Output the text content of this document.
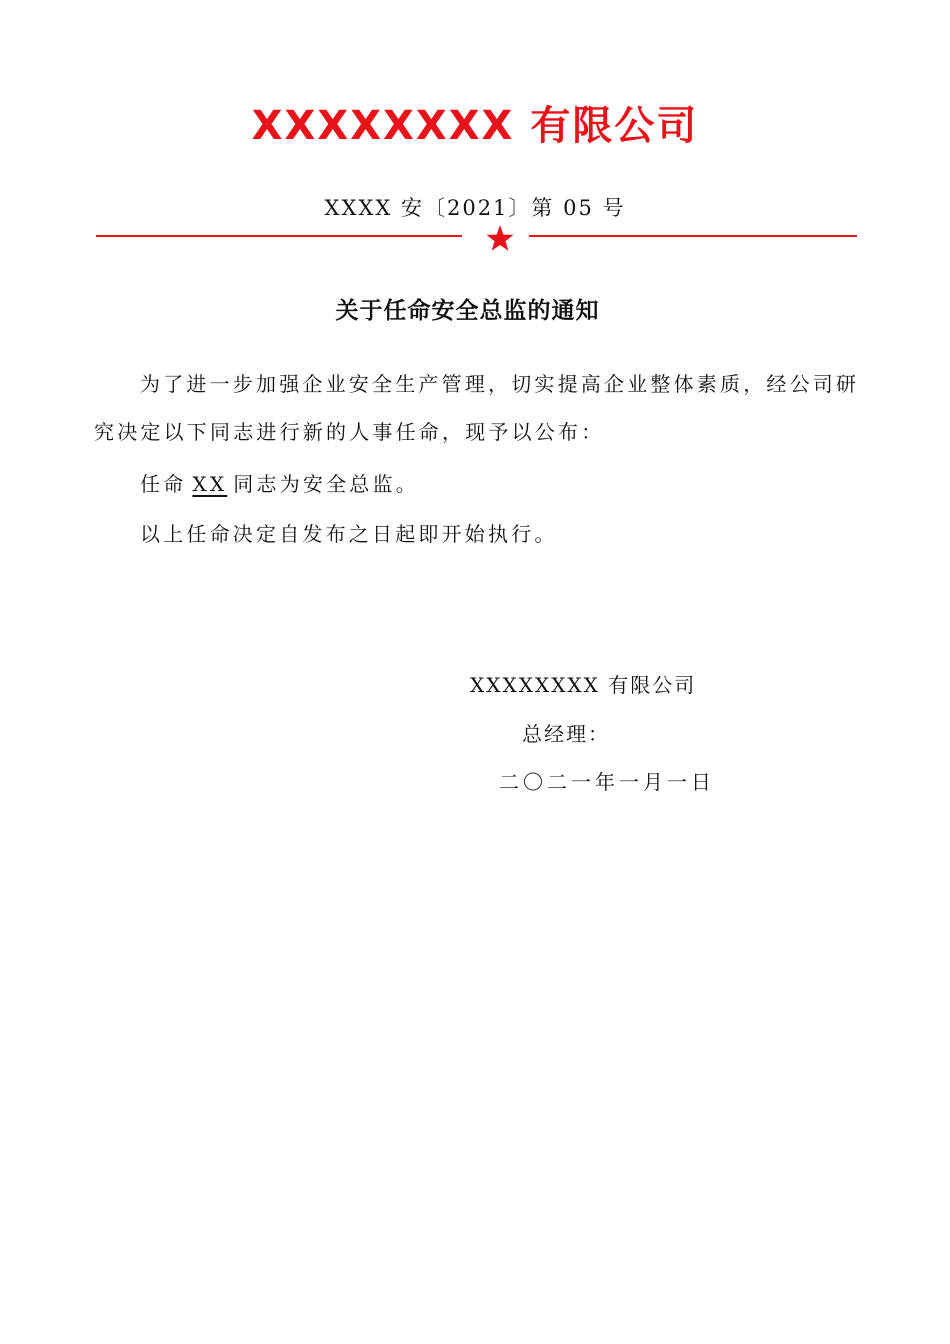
XXXXXXXX 有限公司
XXXX 安〔2021〕第 05 号
关于任命安全总监的通知
为了进一步加强企业安全生产管理，切实提高企业整体素质，经公司研究决定以下同志进行新的人事任命，现予以公布：
任命 XX 同志为安全总监。
以上任命决定自发布之日起即开始执行。
XXXXXXXX 有限公司
总经理：
二〇二一年一月一日
